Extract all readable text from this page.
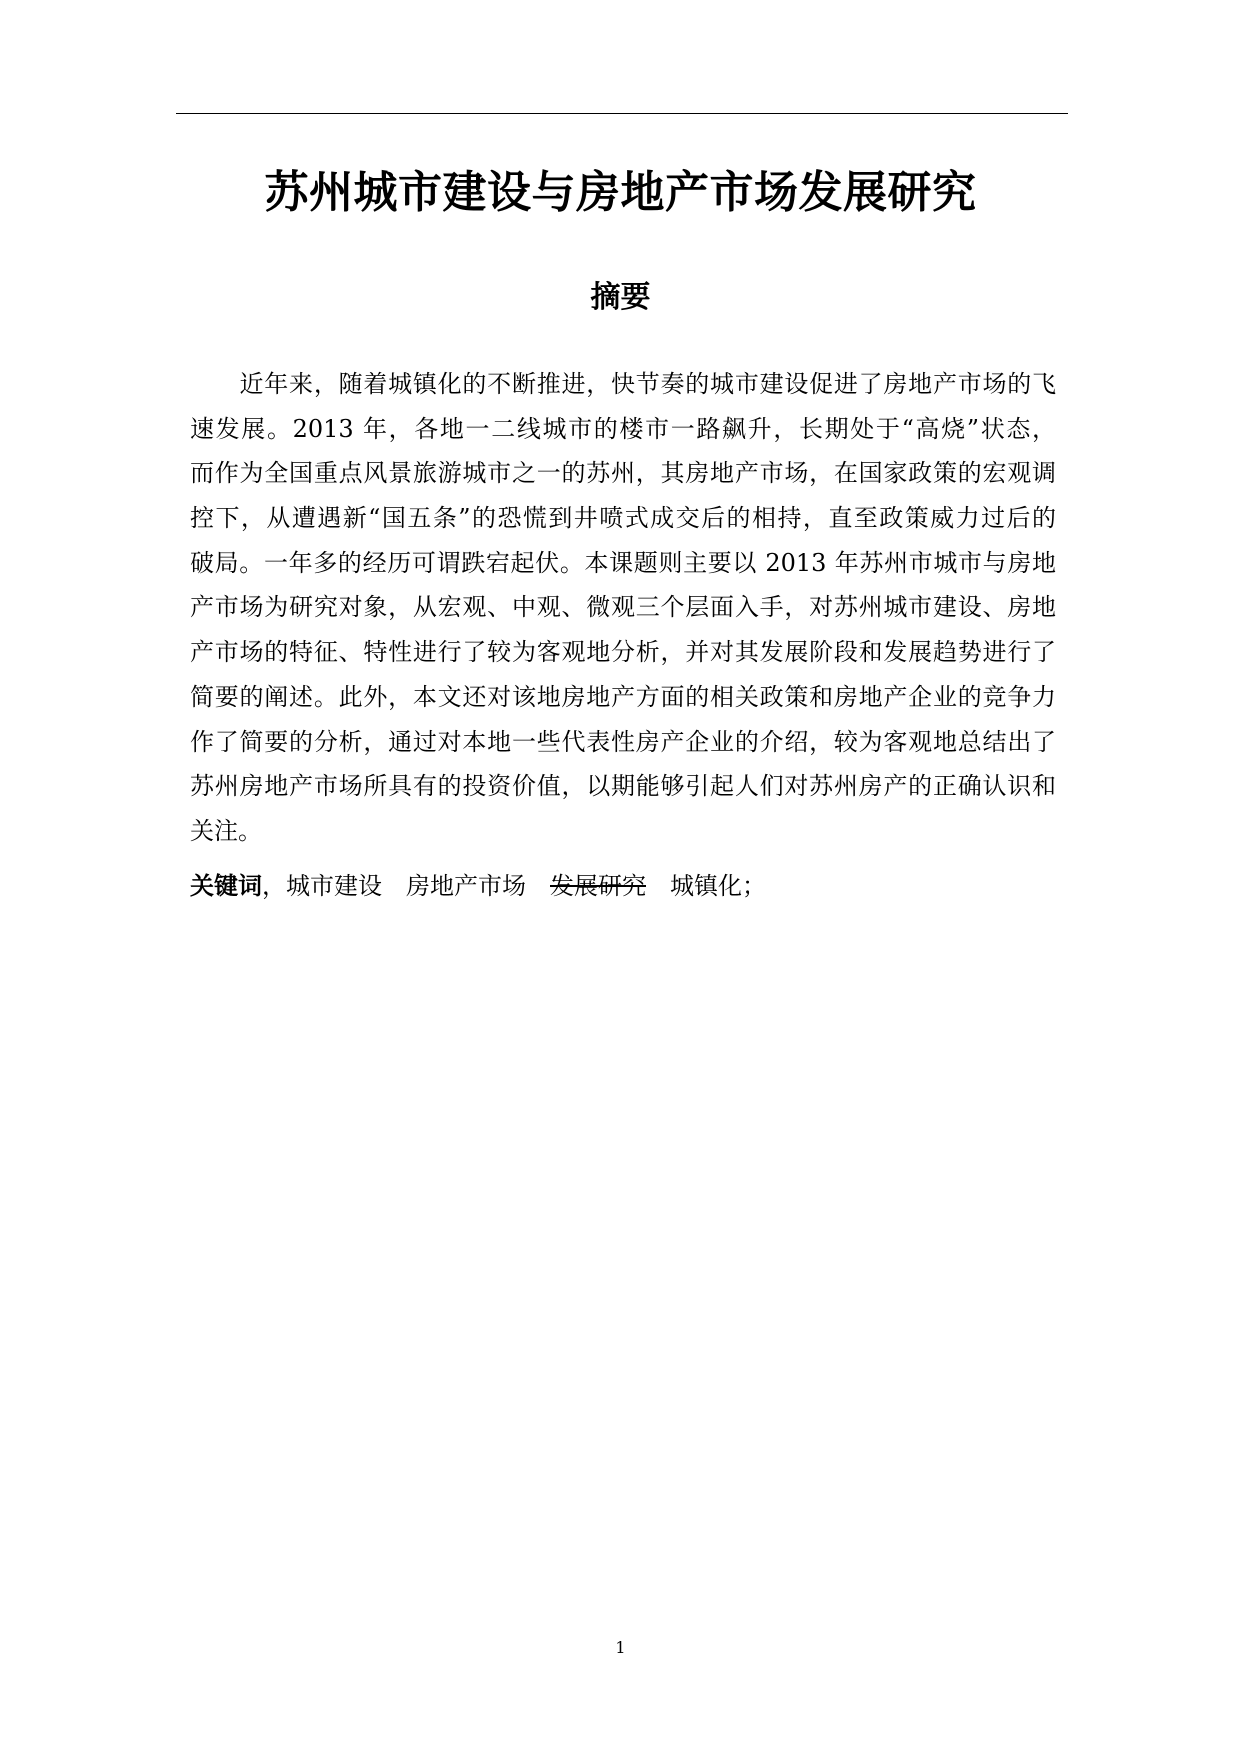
苏州城市建设与房地产市场发展研究
摘要
　　近年来，随着城镇化的不断推进，快节奏的城市建设促进了房地产市场的飞
速发展。2013 年，各地一二线城市的楼市一路飙升，长期处于“高烧”状态，
而作为全国重点风景旅游城市之一的苏州，其房地产市场，在国家政策的宏观调
控下，从遭遇新“国五条”的恐慌到井喷式成交后的相持，直至政策威力过后的
破局。一年多的经历可谓跌宕起伏。本课题则主要以 2013 年苏州市城市与房地
产市场为研究对象，从宏观、中观、微观三个层面入手，对苏州城市建设、房地
产市场的特征、特性进行了较为客观地分析，并对其发展阶段和发展趋势进行了
简要的阐述。此外，本文还对该地房地产方面的相关政策和房地产企业的竞争力
作了简要的分析，通过对本地一些代表性房产企业的介绍，较为客观地总结出了
苏州房地产市场所具有的投资价值，以期能够引起人们对苏州房产的正确认识和
关注。
关键词，城市建设 房地产市场 发展研究 城镇化；
1
